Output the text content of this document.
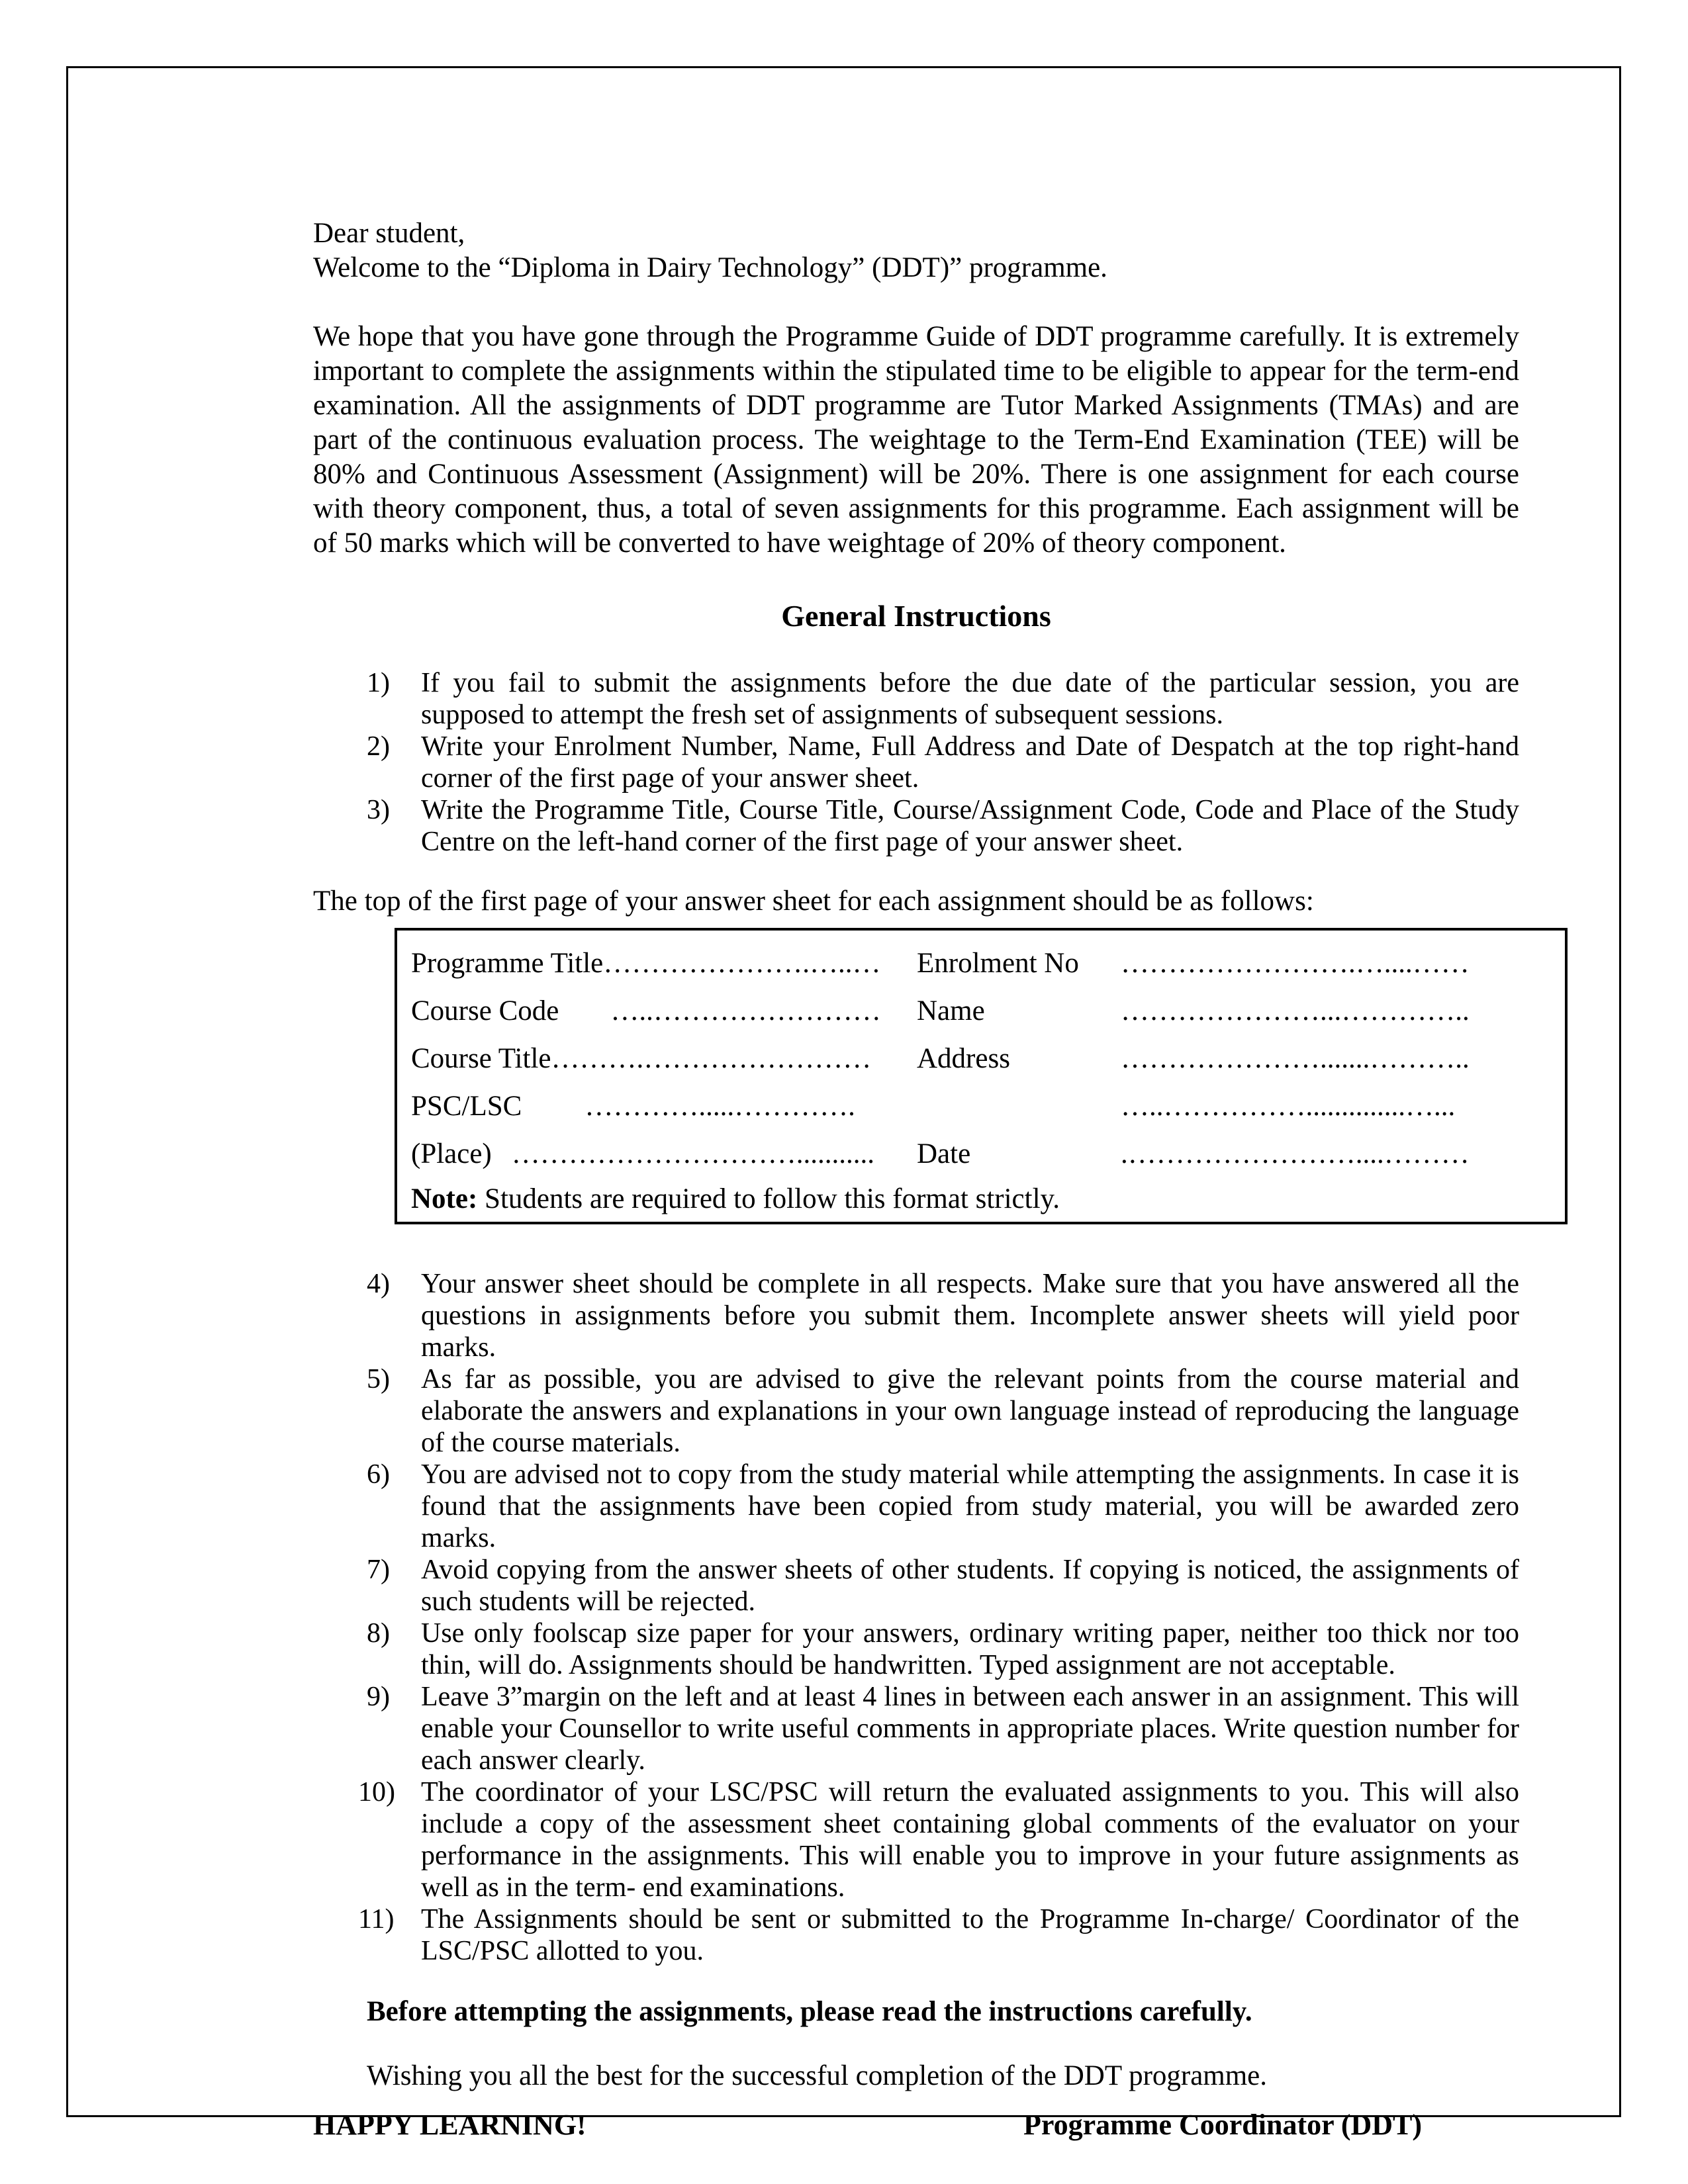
Dear student,
Welcome to the “Diploma in Dairy Technology” (DDT)” programme.

We hope that you have gone through the Programme Guide of DDT programme carefully. It is extremely important to complete the assignments within the stipulated time to be eligible to appear for the term-end examination. All the assignments of DDT programme are Tutor Marked Assignments (TMAs) and are part of the continuous evaluation process. The weightage to the Term-End Examination (TEE) will be 80% and Continuous Assessment (Assignment) will be 20%. There is one assignment for each course with theory component, thus, a total of seven assignments for this programme. Each assignment will be of 50 marks which will be converted to have weightage of 20% of theory component.

General Instructions
1) If you fail to submit the assignments before the due date of the particular session, you are supposed to attempt the fresh set of assignments of subsequent sessions.
2) Write your Enrolment Number, Name, Full Address and Date of Despatch at the top right-hand corner of the first page of your answer sheet.
3) Write the Programme Title, Course Title, Course/Assignment Code, Code and Place of the Study Centre on the left-hand corner of the first page of your answer sheet.

The top of the first page of your answer sheet for each assignment should be as follows:

Programme Title ………………….…..… Enrolment No	…………………….…....……
Course Code …..…………………… Name	…………………...…………..
Course Title ……….…………………… Address	………………….......………..
PSC/LSC ………….....………….	…..……………..............…...
(Place) …………………………........... Date	.……………………....………
Note: Students are required to follow this format strictly.
4) Your answer sheet should be complete in all respects. Make sure that you have answered all the questions in assignments before you submit them. Incomplete answer sheets will yield poor marks.
5) As far as possible, you are advised to give the relevant points from the course material and elaborate the answers and explanations in your own language instead of reproducing the language of the course materials.
6) You are advised not to copy from the study material while attempting the assignments. In case it is found that the assignments have been copied from study material, you will be awarded zero marks.
7) Avoid copying from the answer sheets of other students. If copying is noticed, the assignments of such students will be rejected.
8) Use only foolscap size paper for your answers, ordinary writing paper, neither too thick nor too thin, will do. Assignments should be handwritten. Typed assignment are not acceptable.
9) Leave 3”margin on the left and at least 4 lines in between each answer in an assignment. This will enable your Counsellor to write useful comments in appropriate places. Write question number for each answer clearly.
10) The coordinator of your LSC/PSC will return the evaluated assignments to you. This will also include a copy of the assessment sheet containing global comments of the evaluator on your performance in the assignments. This will enable you to improve in your future assignments as well as in the term- end examinations.
11) The Assignments should be sent or submitted to the Programme In-charge/ Coordinator of the LSC/PSC allotted to you.

Before attempting the assignments, please read the instructions carefully.

Wishing you all the best for the successful completion of the DDT programme.

HAPPY LEARNING!	Programme Coordinator (DDT)
